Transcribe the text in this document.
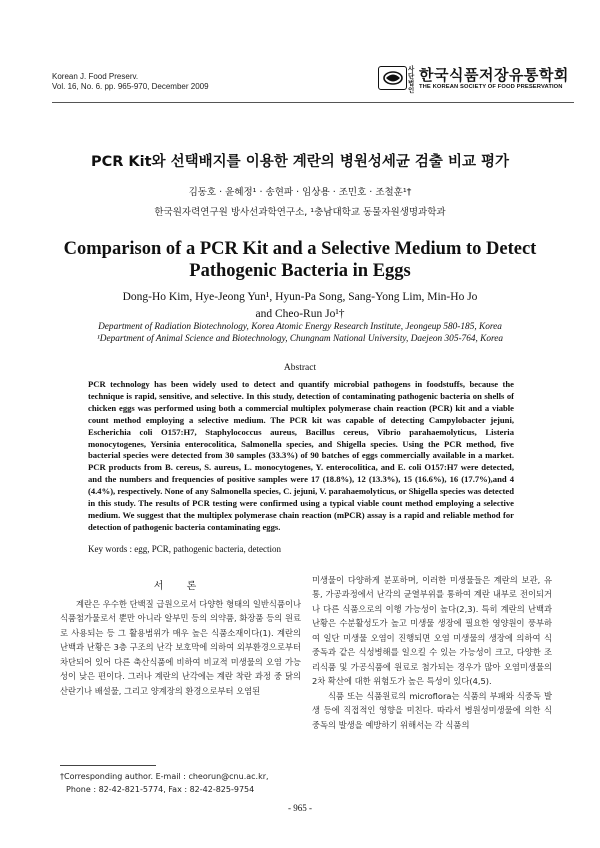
Korean J. Food Preserv.
Vol. 16, No. 6. pp. 965-970, December 2009
사단법인
한국식품저장유통학회
THE KOREAN SOCIETY OF FOOD PRESERVATION
PCR Kit와 선택배지를 이용한 계란의 병원성세균 검출 비교 평가
김동호 · 윤혜정¹ · 송현파 · 임상용 · 조민호 · 조철훈¹†
한국원자력연구원 방사선과학연구소, ¹충남대학교 동물자원생명과학과
Comparison of a PCR Kit and a Selective Medium to Detect Pathogenic Bacteria in Eggs
Dong-Ho Kim, Hye-Jeong Yun¹, Hyun-Pa Song, Sang-Yong Lim, Min-Ho Jo
and Cheo-Run Jo¹†
Department of Radiation Biotechnology, Korea Atomic Energy Research Institute, Jeongeup 580-185, Korea
¹Department of Animal Science and Biotechnology, Chungnam National University, Daejeon 305-764, Korea
Abstract
PCR technology has been widely used to detect and quantify microbial pathogens in foodstuffs, because the technique is rapid, sensitive, and selective. In this study, detection of contaminating pathogenic bacteria on shells of chicken eggs was performed using both a commercial multiplex polymerase chain reaction (PCR) kit and a viable count method employing a selective medium. The PCR kit was capable of detecting Campylobacter jejuni, Escherichia coli O157:H7, Staphylococcus aureus, Bacillus cereus, Vibrio parahaemolyticus, Listeria monocytogenes, Yersinia enterocolitica, Salmonella species, and Shigella species. Using the PCR method, five bacterial species were detected from 30 samples (33.3%) of 90 batches of eggs commercially available in a market. PCR products from B. cereus, S. aureus, L. monocytogenes, Y. enterocolitica, and E. coli O157:H7 were detected, and the numbers and frequencies of positive samples were 17 (18.8%), 12 (13.3%), 15 (16.6%), 16 (17.7%),and 4 (4.4%), respectively. None of any Salmonella species, C. jejuni, V. parahaemolyticus, or Shigella species was detected in this study. The results of PCR testing were confirmed using a typical viable count method employing a selective medium. We suggest that the multiplex polymerase chain reaction (mPCR) assay is a rapid and reliable method for detection of pathogenic bacteria contaminating eggs.
Key words : egg, PCR, pathogenic bacteria, detection
서 론

계란은 우수한 단백질 급원으로서 다양한 형태의 일반식품이나 식품첨가물로서 뿐만 아니라 알부민 등의 의약품, 화장품 등의 원료로 사용되는 등 그 활용범위가 매우 높은 식품소재이다(1). 계란의 난백과 난황은 3층 구조의 난각 보호막에 의하여 외부환경으로부터 차단되어 있어 다른 축산식품에 비하여 비교적 미생물의 오염 가능성이 낮은 편이다. 그러나 계란의 난각에는 계란 착란 과정 중 닭의 산란기나 배설물, 그리고 양계장의 환경으로부터 오염된

미생물이 다양하게 분포하며, 이러한 미생물들은 계란의 보관, 유통, 가공과정에서 난각의 균열부위를 통하여 계란 내부로 전이되거나 다른 식품으로의 이행 가능성이 높다(2,3). 특히 계란의 난백과 난황은 수분활성도가 높고 미생물 생장에 필요한 영양원이 풍부하여 일단 미생물 오염이 진행되면 오염 미생물의 생장에 의하여 식중독과 같은 식성병해를 일으킬 수 있는 가능성이 크고, 다양한 조리식품 및 가공식품에 원료로 첨가되는 경우가 많아 오염미생물의 2차 확산에 대한 위험도가 높은 특성이 있다(4,5).

식품 또는 식품원료의 microflora는 식품의 부패와 식중독 발생 등에 직접적인 영향을 미친다. 따라서 병원성미생물에 의한 식중독의 발생을 예방하기 위해서는 각 식품의

†Corresponding author. E-mail : cheorun@cnu.ac.kr,
Phone : 82-42-821-5774, Fax : 82-42-825-9754
- 965 -
